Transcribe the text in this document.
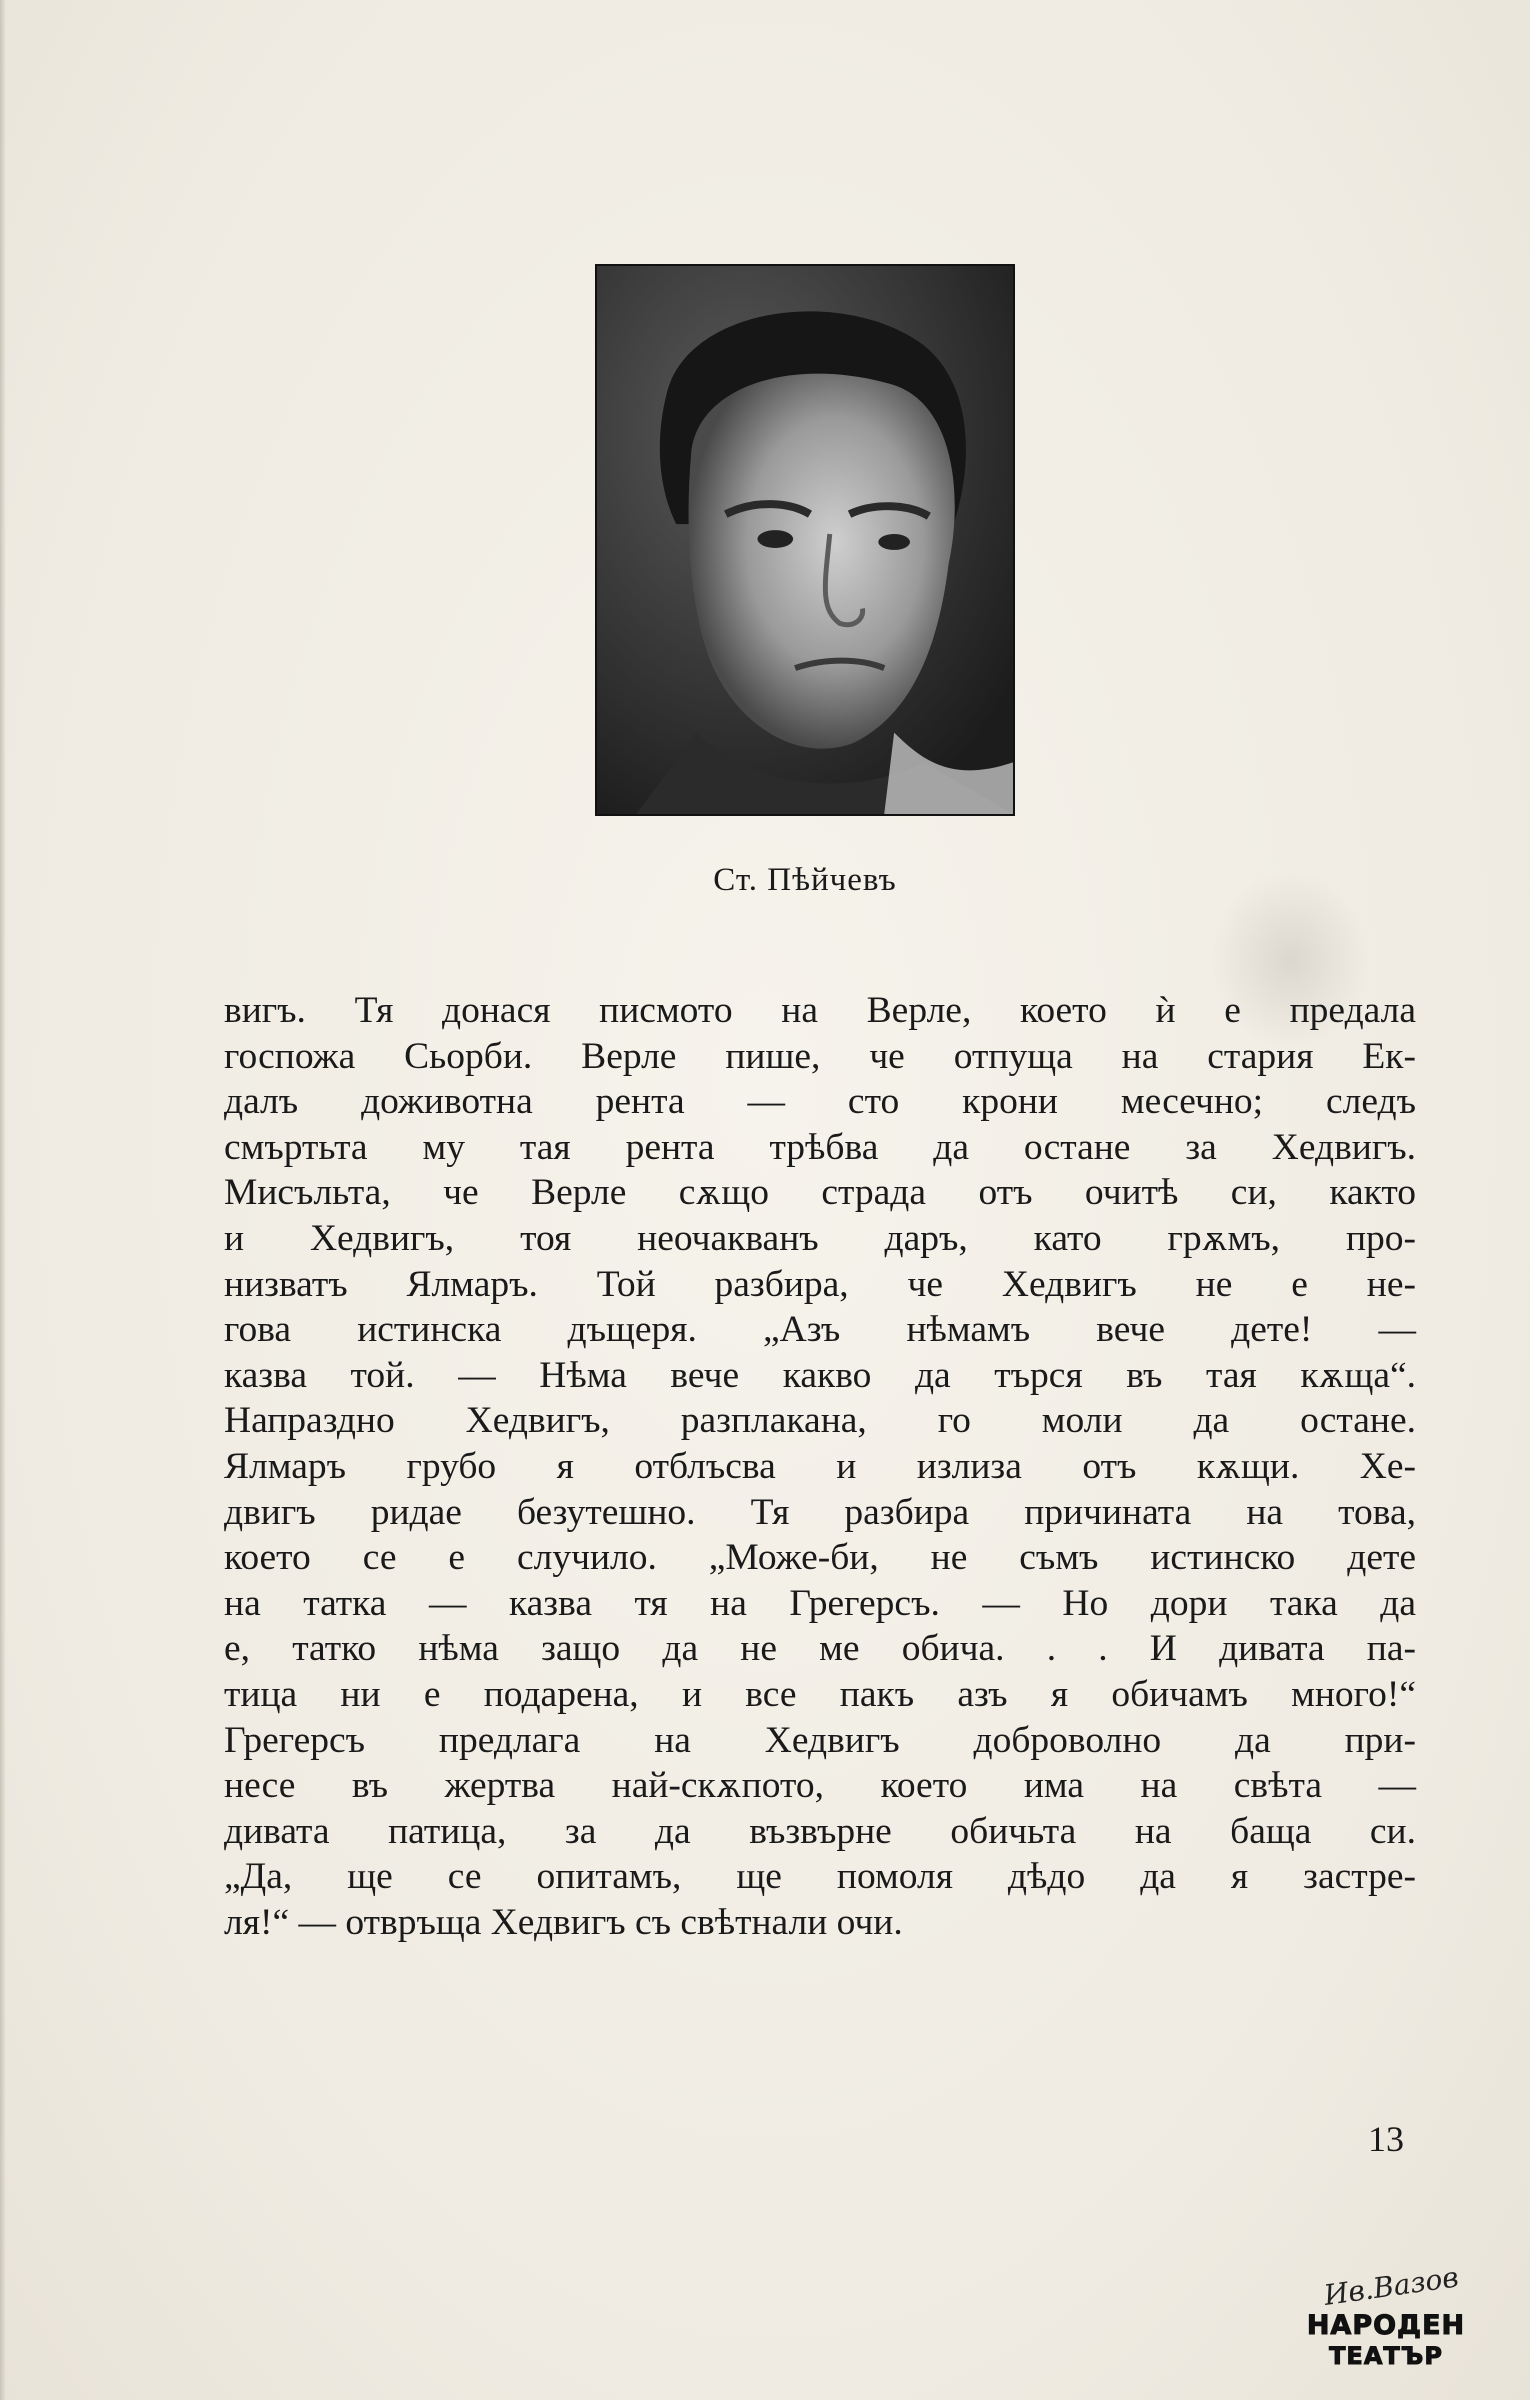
Ст. Пѣйчевъ
вигъ. Тя донася писмото на Верле, което ѝ е предала
госпожа Сьорби. Верле пише, че отпуща на стария Ек-
далъ доживотна рента — сто крони месечно; следъ
смъртьта му тая рента трѣбва да остане за Хедвигъ.
Мисъльта, че Верле сѫщо страда отъ очитѣ си, както
и Хедвигъ, тоя неочакванъ даръ, като грѫмъ, про-
низватъ Ялмаръ. Той разбира, че Хедвигъ не е не-
гова истинска дъщеря. „Азъ нѣмамъ вече дете! —
казва той. — Нѣма вече какво да търся въ тая кѫща“.
Напраздно Хедвигъ, разплакана, го моли да остане.
Ялмаръ грубо я отблъсва и излиза отъ кѫщи. Хе-
двигъ ридае безутешно. Тя разбира причината на това,
което се е случило. „Може-би, не съмъ истинско дете
на татка — казва тя на Грегерсъ. — Но дори така да
е, татко нѣма защо да не ме обича. . . И дивата па-
тица ни е подарена, и все пакъ азъ я обичамъ много!“
Грегерсъ предлага на Хедвигъ доброволно да при-
несе въ жертва най-скѫпото, което има на свѣта —
дивата патица, за да възвърне обичьта на баща си.
„Да, ще се опитамъ, ще помоля дѣдо да я застре-
ля!“ — отвръща Хедвигъ съ свѣтнали очи.
13
Ив.Вазов
НАРОДЕН
ТЕАТЪР
